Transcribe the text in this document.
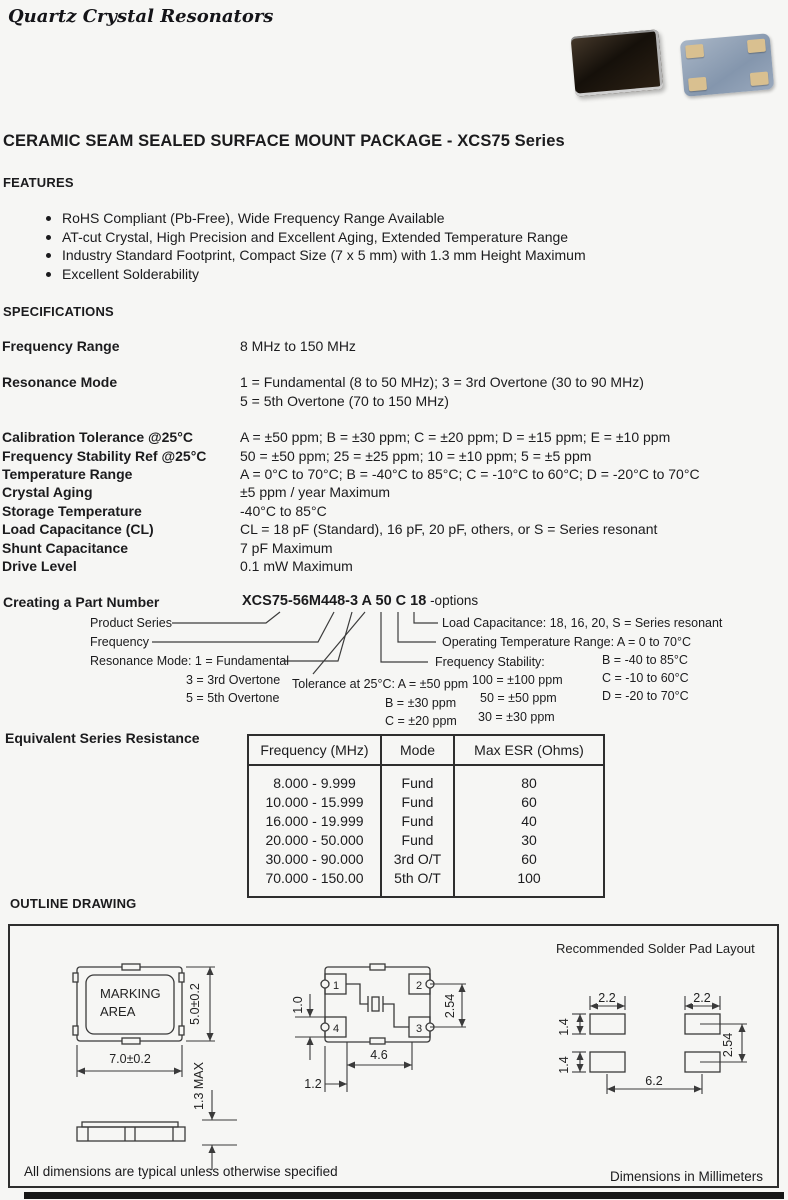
Quartz Crystal Resonators
CERAMIC SEAM SEALED SURFACE MOUNT PACKAGE - XCS75 Series
FEATURES
RoHS Compliant (Pb-Free), Wide Frequency Range Available
AT-cut Crystal, High Precision and Excellent Aging, Extended Temperature Range
Industry Standard Footprint, Compact Size (7 x 5 mm) with 1.3 mm Height Maximum
Excellent Solderability
SPECIFICATIONS
Frequency Range	8 MHz to 150 MHz
Resonance Mode	1 = Fundamental (8 to 50 MHz); 3 = 3rd Overtone (30 to 90 MHz)
5 = 5th Overtone (70 to 150 MHz)
Calibration Tolerance @25°C	A = ±50 ppm; B = ±30 ppm; C = ±20 ppm; D = ±15 ppm; E = ±10 ppm
Frequency Stability Ref @25°C	50 = ±50 ppm; 25 = ±25 ppm; 10 = ±10 ppm; 5 = ±5 ppm
Temperature Range	A = 0°C to 70°C; B = -40°C to 85°C; C = -10°C to 60°C; D = -20°C to 70°C
Crystal Aging	±5 ppm / year Maximum
Storage Temperature	-40°C to 85°C
Load Capacitance (CL)	CL = 18 pF (Standard), 16 pF, 20 pF, others, or S = Series resonant
Shunt Capacitance	7 pF Maximum
Drive Level	0.1 mW Maximum
Creating a Part Number	XCS75-56M448-3 A 50 C 18 -options
Product Series
Frequency
Resonance Mode: 1 = Fundamental
3 = 3rd Overtone
5 = 5th Overtone
Tolerance at 25°C: A = ±50 ppm
B = ±30 ppm
C = ±20 ppm
Load Capacitance: 18, 16, 20, S = Series resonant
Operating Temperature Range: A = 0 to 70°C
Frequency Stability:
100 = ±100 ppm
50 = ±50 ppm
30 = ±30 ppm
B = -40 to 85°C
C = -10 to 60°C
D = -20 to 70°C
Equivalent Series Resistance
Frequency (MHz)	Mode	Max ESR (Ohms)
8.000 - 9.999	Fund	80
10.000 - 15.999	Fund	60
16.000 - 19.999	Fund	40
20.000 - 50.000	Fund	30
30.000 - 90.000	3rd O/T	60
70.000 - 150.00	5th O/T	100
OUTLINE DRAWING
Recommended Solder Pad Layout
MARKING
AREA	5.0±0.2
7.0±0.2
1	2
4	3
1.0	2.54
4.6
1.2
2.2	2.2
1.4
1.4
2.54
6.2
1.3 MAX
All dimensions are typical unless otherwise specified	Dimensions in Millimeters
